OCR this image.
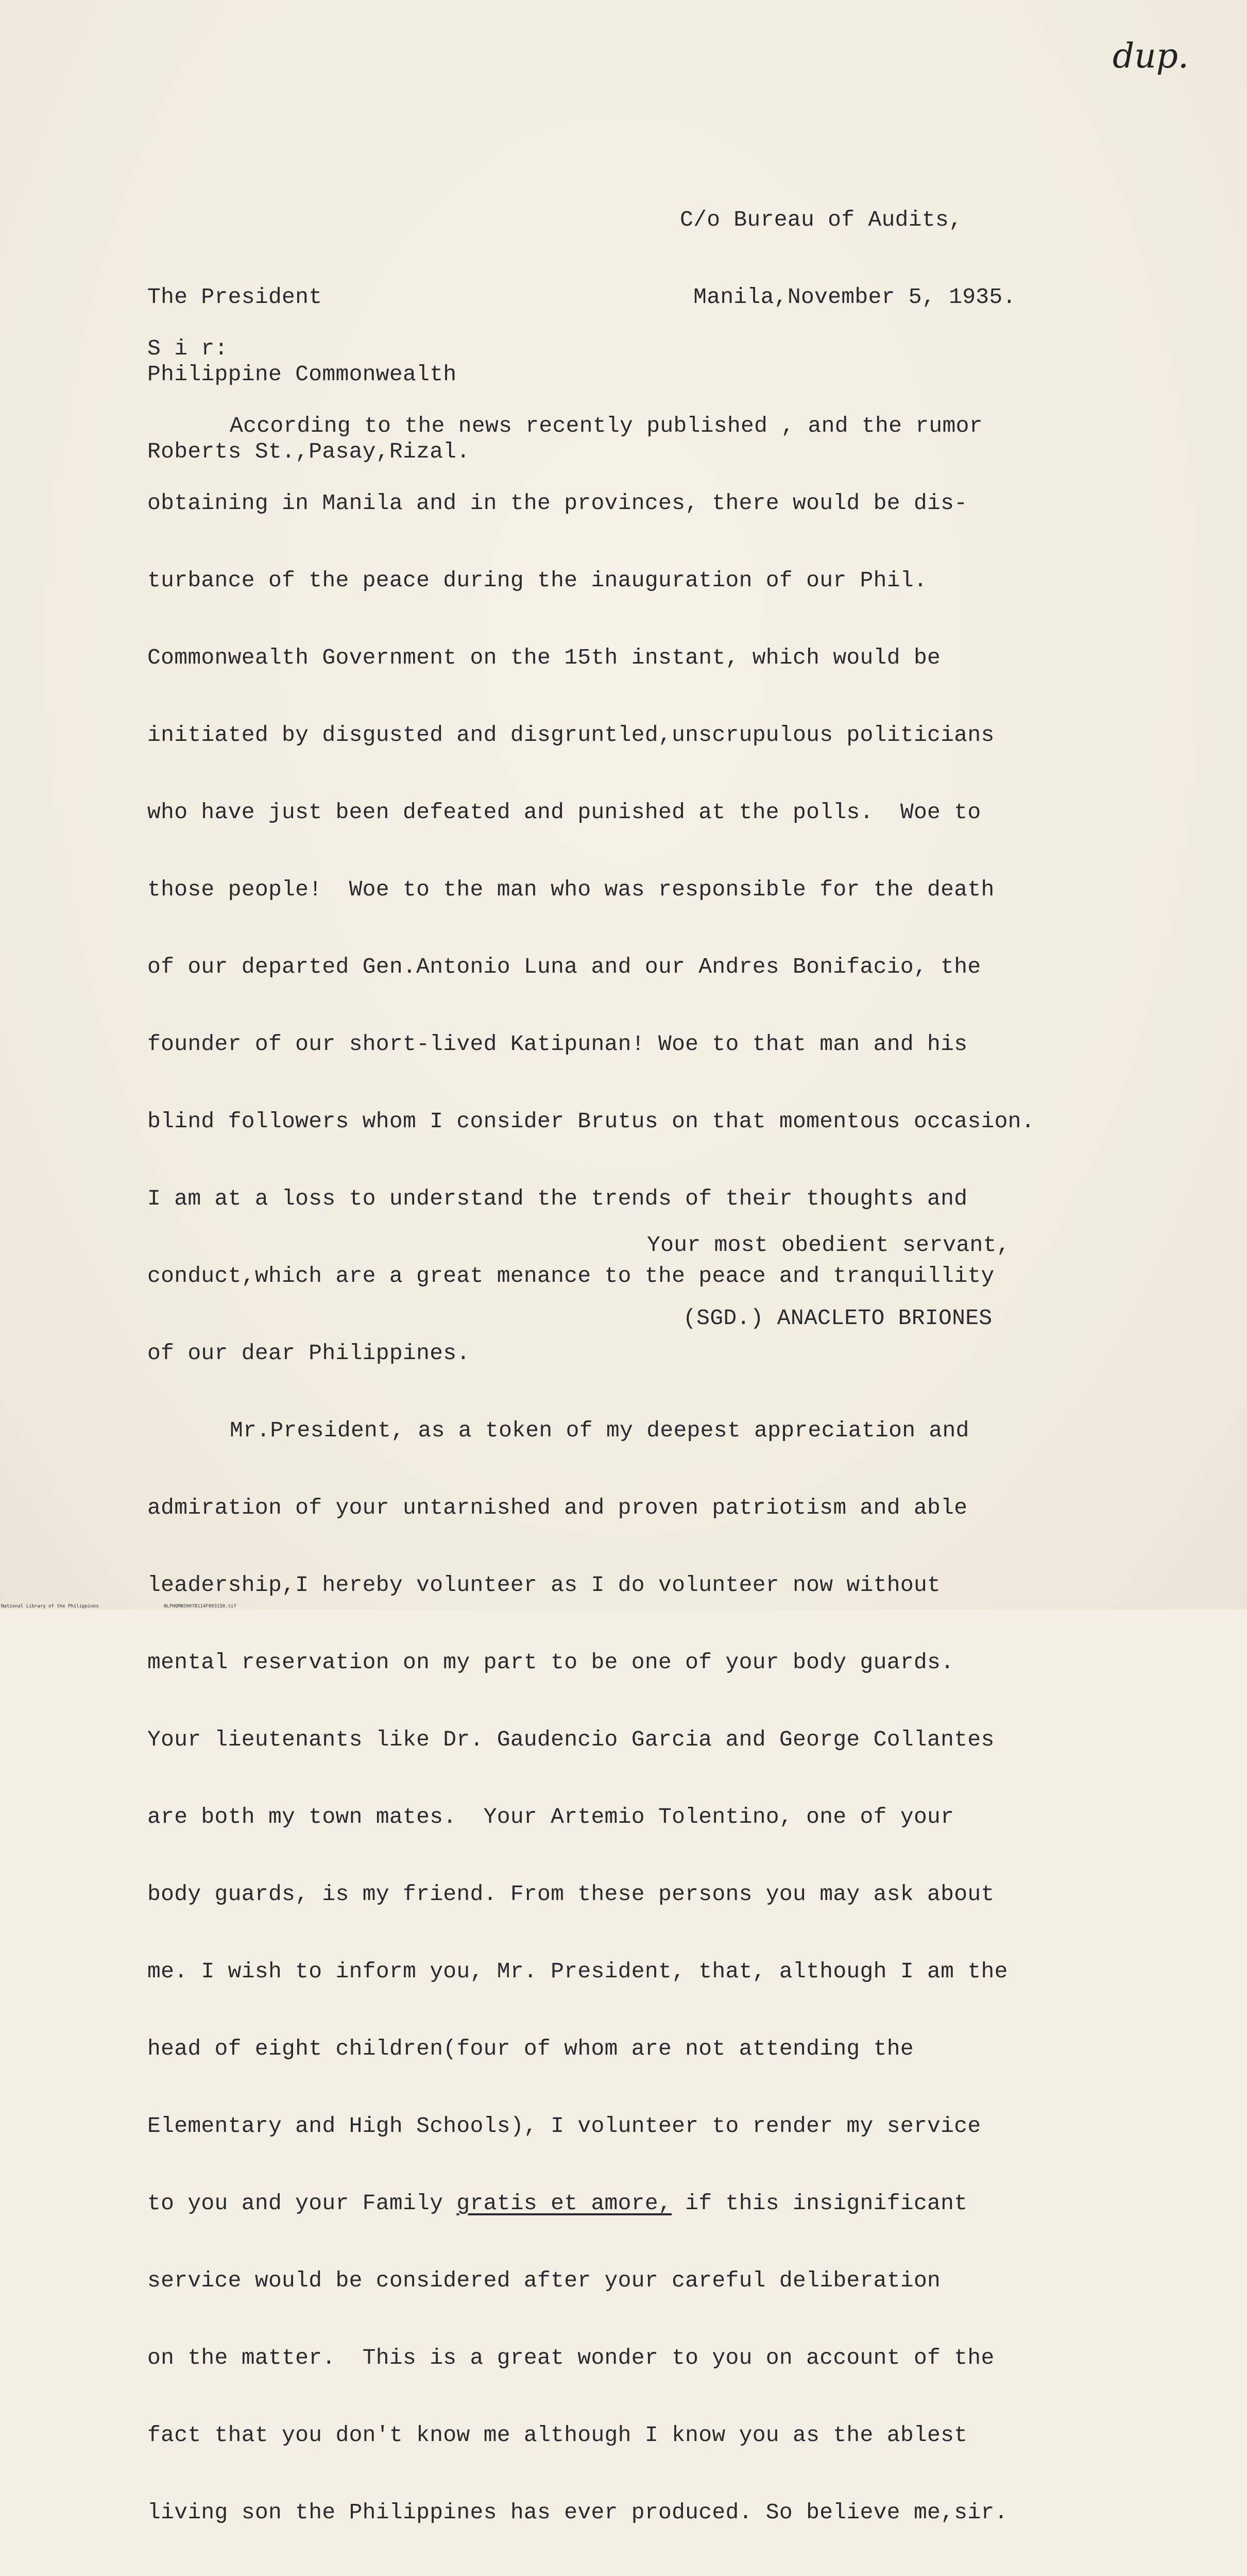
dup.

C/o Bureau of Audits,

Manila,November 5, 1935.

The President

Philippine Commonwealth

Roberts St.,Pasay,Rizal.

S i r:

According to the news recently published , and the rumor

obtaining in Manila and in the provinces, there would be dis-

turbance of the peace during the inauguration of our Phil.

Commonwealth Government on the 15th instant, which would be

initiated by disgusted and disgruntled,unscrupulous politicians

who have just been defeated and punished at the polls.  Woe to

those people!  Woe to the man who was responsible for the death

of our departed Gen.Antonio Luna and our Andres Bonifacio, the

founder of our short-lived Katipunan! Woe to that man and his

blind followers whom I consider Brutus on that momentous occasion.

I am at a loss to understand the trends of their thoughts and

conduct,which are a great menance to the peace and tranquillity

of our dear Philippines.

Mr.President, as a token of my deepest appreciation and

admiration of your untarnished and proven patriotism and able

leadership,I hereby volunteer as I do volunteer now without

mental reservation on my part to be one of your body guards.

Your lieutenants like Dr. Gaudencio Garcia and George Collantes

are both my town mates.  Your Artemio Tolentino, one of your

body guards, is my friend. From these persons you may ask about

me. I wish to inform you, Mr. President, that, although I am the

head of eight children(four of whom are not attending the

Elementary and High Schools), I volunteer to render my service

to you and your Family gratis et amore, if this insignificant

service would be considered after your careful deliberation

on the matter.  This is a great wonder to you on account of the

fact that you don't know me although I know you as the ablest

living son the Philippines has ever produced. So believe me,sir.

Your most obedient servant,
(SGD.) ANACLETO BRIONES
National Library of the Philippines	NLPHQMN5007B114F093150.tif
